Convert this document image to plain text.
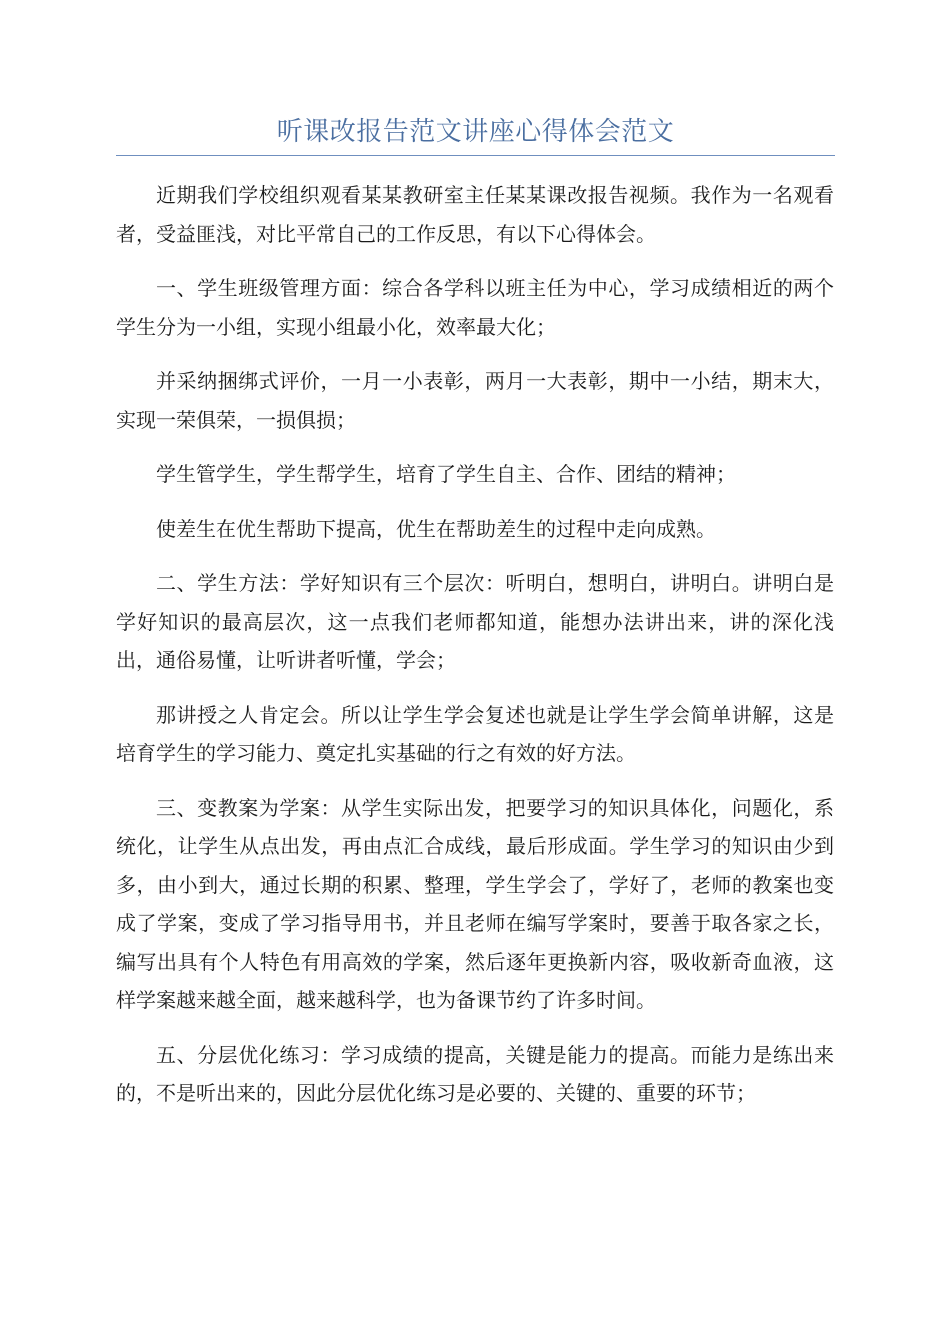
听课改报告范文讲座心得体会范文

近期我们学校组织观看某某教研室主任某某课改报告视频。我作为一名观看者，受益匪浅，对比平常自己的工作反思，有以下心得体会。

一、学生班级管理方面：综合各学科以班主任为中心，学习成绩相近的两个学生分为一小组，实现小组最小化，效率最大化；

并采纳捆绑式评价，一月一小表彰，两月一大表彰，期中一小结，期末大，实现一荣俱荣，一损俱损；

学生管学生，学生帮学生，培育了学生自主、合作、团结的精神；

使差生在优生帮助下提高，优生在帮助差生的过程中走向成熟。

二、学生方法：学好知识有三个层次：听明白，想明白，讲明白。讲明白是学好知识的最高层次，这一点我们老师都知道，能想办法讲出来，讲的深化浅出，通俗易懂，让听讲者听懂，学会；

那讲授之人肯定会。所以让学生学会复述也就是让学生学会简单讲解，这是培育学生的学习能力、奠定扎实基础的行之有效的好方法。

三、变教案为学案：从学生实际出发，把要学习的知识具体化，问题化，系统化，让学生从点出发，再由点汇合成线，最后形成面。学生学习的知识由少到多，由小到大，通过长期的积累、整理，学生学会了，学好了，老师的教案也变成了学案，变成了学习指导用书，并且老师在编写学案时，要善于取各家之长，编写出具有个人特色有用高效的学案，然后逐年更换新内容，吸收新奇血液，这样学案越来越全面，越来越科学，也为备课节约了许多时间。

五、分层优化练习：学习成绩的提高，关键是能力的提高。而能力是练出来的，不是听出来的，因此分层优化练习是必要的、关键的、重要的环节；
